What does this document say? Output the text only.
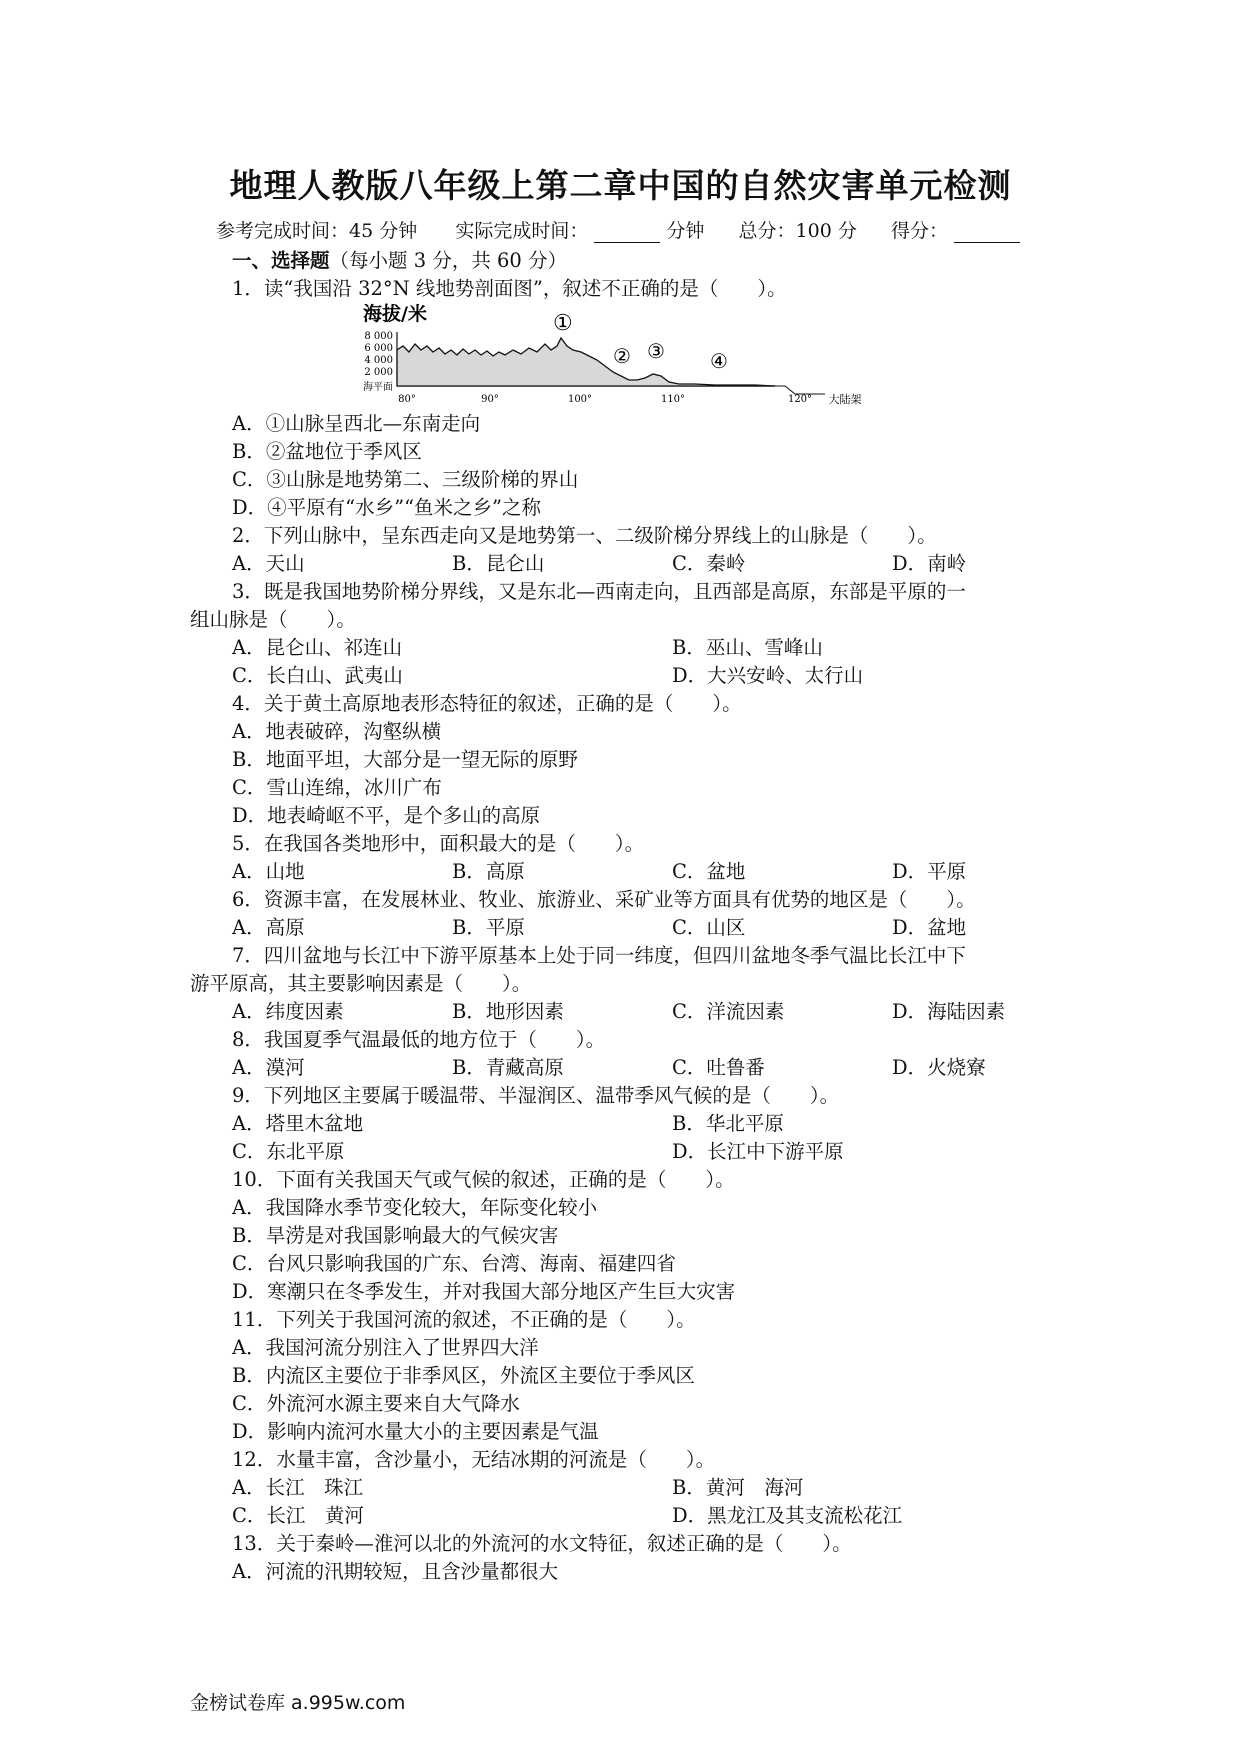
地理人教版八年级上第二章中国的自然灾害单元检测
参考完成时间：45 分钟 实际完成时间：	分钟 总分：100 分 得分：
一、选择题（每小题 3 分，共 60 分）
1．读“我国沿 32°N 线地势剖面图”，叙述不正确的是（　　）。
海拔/米
8 000
6 000
4 000
2 000
海平面
①
② ③ ④
80°	90°	100°	110°	120° 大陆架
A．①山脉呈西北—东南走向
B．②盆地位于季风区
C．③山脉是地势第二、三级阶梯的界山
D．④平原有“水乡”“鱼米之乡”之称
2．下列山脉中，呈东西走向又是地势第一、二级阶梯分界线上的山脉是（　　）。
A．天山	B．昆仑山	C．秦岭	D．南岭
3．既是我国地势阶梯分界线，又是东北—西南走向，且西部是高原，东部是平原的一
组山脉是（　　）。
A．昆仑山、祁连山	B．巫山、雪峰山
C．长白山、武夷山	D．大兴安岭、太行山
4．关于黄土高原地表形态特征的叙述，正确的是（　　）。
A．地表破碎，沟壑纵横
B．地面平坦，大部分是一望无际的原野
C．雪山连绵，冰川广布
D．地表崎岖不平，是个多山的高原
5．在我国各类地形中，面积最大的是（　　）。
A．山地	B．高原	C．盆地	D．平原
6．资源丰富，在发展林业、牧业、旅游业、采矿业等方面具有优势的地区是（　　）。
A．高原	B．平原	C．山区	D．盆地
7．四川盆地与长江中下游平原基本上处于同一纬度，但四川盆地冬季气温比长江中下
游平原高，其主要影响因素是（　　）。
A．纬度因素	B．地形因素	C．洋流因素	D．海陆因素
8．我国夏季气温最低的地方位于（　　）。
A．漠河	B．青藏高原	C．吐鲁番	D．火烧寮
9．下列地区主要属于暖温带、半湿润区、温带季风气候的是（　　）。
A．塔里木盆地	B．华北平原
C．东北平原	D．长江中下游平原
10．下面有关我国天气或气候的叙述，正确的是（　　）。
A．我国降水季节变化较大，年际变化较小
B．旱涝是对我国影响最大的气候灾害
C．台风只影响我国的广东、台湾、海南、福建四省
D．寒潮只在冬季发生，并对我国大部分地区产生巨大灾害
11．下列关于我国河流的叙述，不正确的是（　　）。
A．我国河流分别注入了世界四大洋
B．内流区主要位于非季风区，外流区主要位于季风区
C．外流河水源主要来自大气降水
D．影响内流河水量大小的主要因素是气温
12．水量丰富，含沙量小，无结冰期的河流是（　　）。
A．长江　珠江	B．黄河　海河
C．长江　黄河	D．黑龙江及其支流松花江
13．关于秦岭—淮河以北的外流河的水文特征，叙述正确的是（　　）。
A．河流的汛期较短，且含沙量都很大
金榜试卷库 a.995w.com
